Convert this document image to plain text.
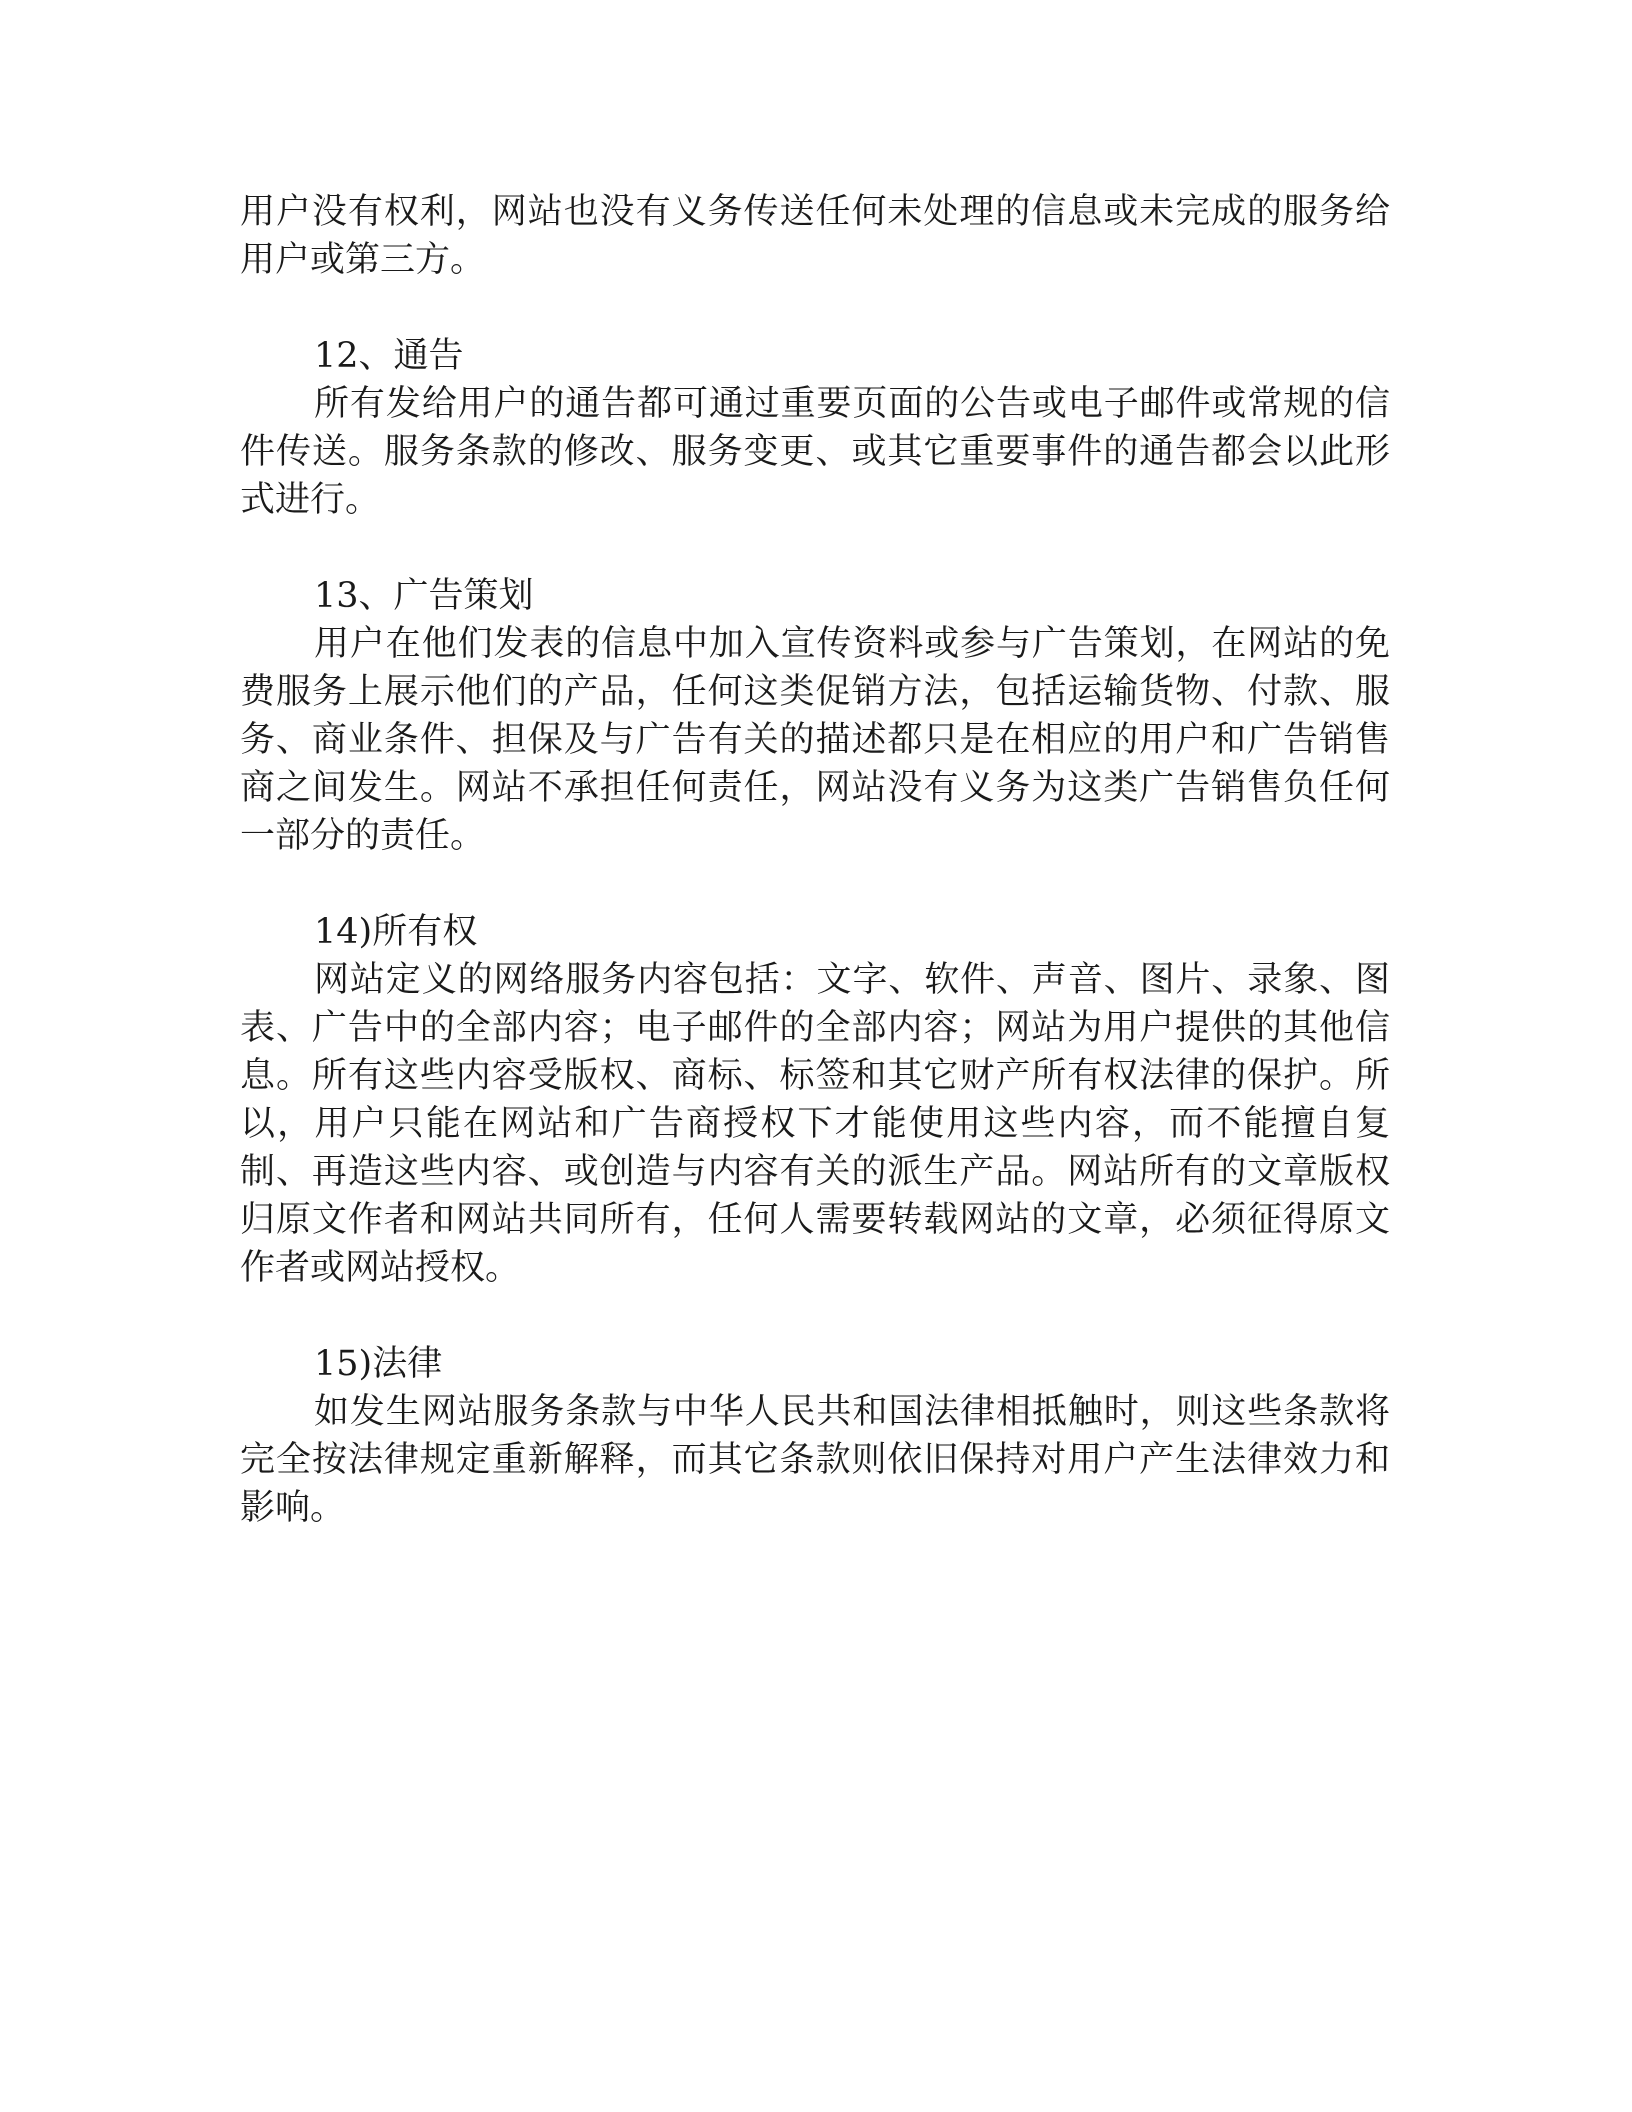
用户没有权利，网站也没有义务传送任何未处理的信息或未完成的服务给用户或第三方。

12、通告

所有发给用户的通告都可通过重要页面的公告或电子邮件或常规的信件传送。服务条款的修改、服务变更、或其它重要事件的通告都会以此形式进行。

13、广告策划

用户在他们发表的信息中加入宣传资料或参与广告策划，在网站的免费服务上展示他们的产品，任何这类促销方法，包括运输货物、付款、服务、商业条件、担保及与广告有关的描述都只是在相应的用户和广告销售商之间发生。网站不承担任何责任，网站没有义务为这类广告销售负任何一部分的责任。

14)所有权

网站定义的网络服务内容包括：文字、软件、声音、图片、录象、图表、广告中的全部内容；电子邮件的全部内容；网站为用户提供的其他信息。所有这些内容受版权、商标、标签和其它财产所有权法律的保护。所以，用户只能在网站和广告商授权下才能使用这些内容，而不能擅自复制、再造这些内容、或创造与内容有关的派生产品。网站所有的文章版权归原文作者和网站共同所有，任何人需要转载网站的文章，必须征得原文作者或网站授权。

15)法律

如发生网站服务条款与中华人民共和国法律相抵触时，则这些条款将完全按法律规定重新解释，而其它条款则依旧保持对用户产生法律效力和影响。
